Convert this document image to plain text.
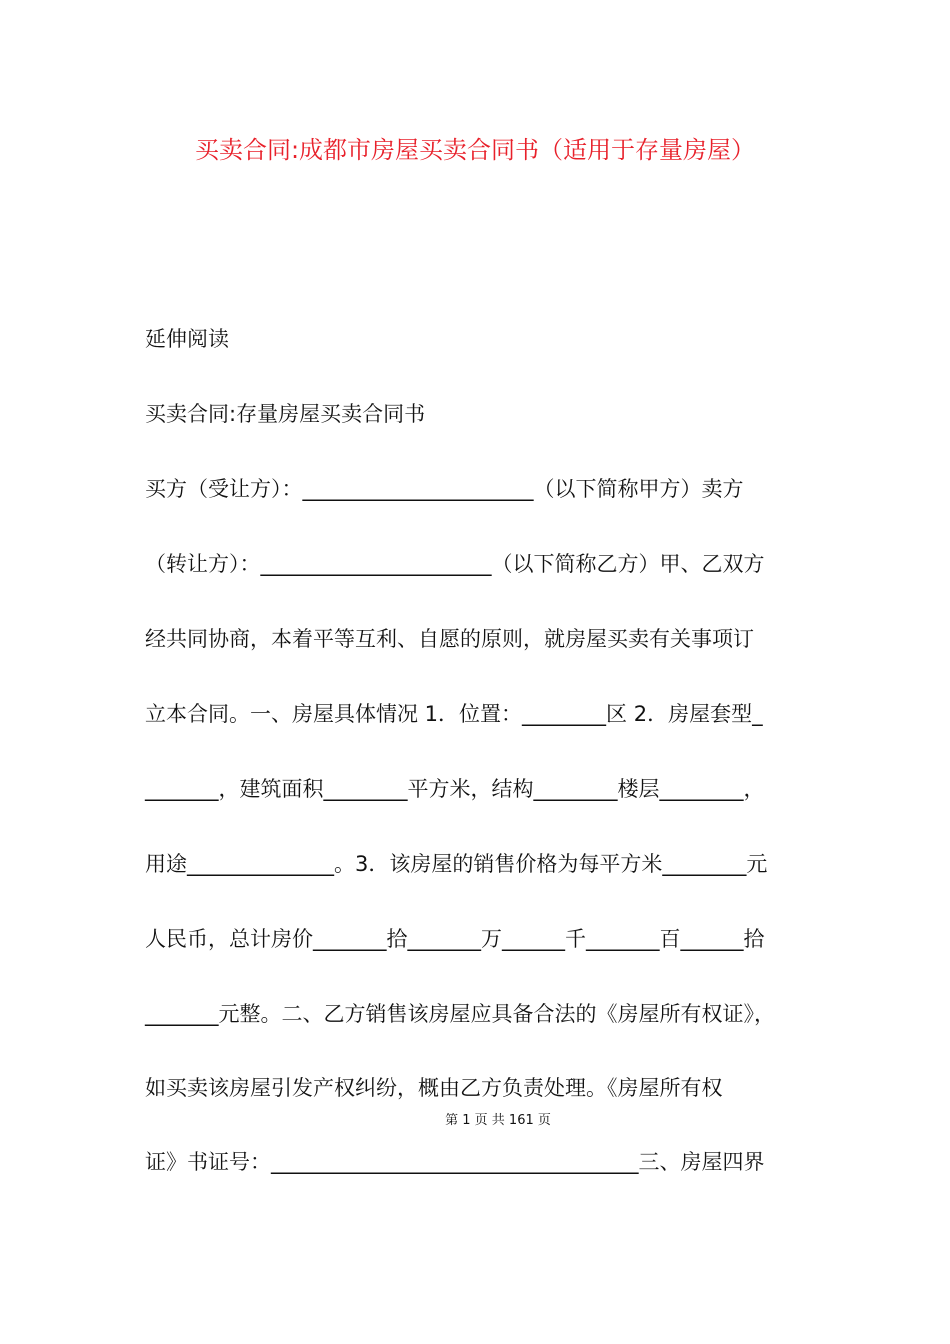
买卖合同:成都市房屋买卖合同书（适用于存量房屋）
延伸阅读
买卖合同:存量房屋买卖合同书
买方（受让方）：______________________（以下简称甲方）卖方
（转让方）：______________________（以下简称乙方）甲、乙双方
经共同协商，本着平等互利、自愿的原则，就房屋买卖有关事项订
立本合同。一、房屋具体情况 1．位置：________区 2．房屋套型_
_______，建筑面积________平方米，结构________楼层________，
用途______________。3．该房屋的销售价格为每平方米________元
人民币，总计房价_______拾_______万______千_______百______拾
_______元整。二、乙方销售该房屋应具备合法的《房屋所有权证》，
如买卖该房屋引发产权纠纷，概由乙方负责处理。《房屋所有权
第 1 页 共 161 页
证》书证号：___________________________________三、房屋四界
